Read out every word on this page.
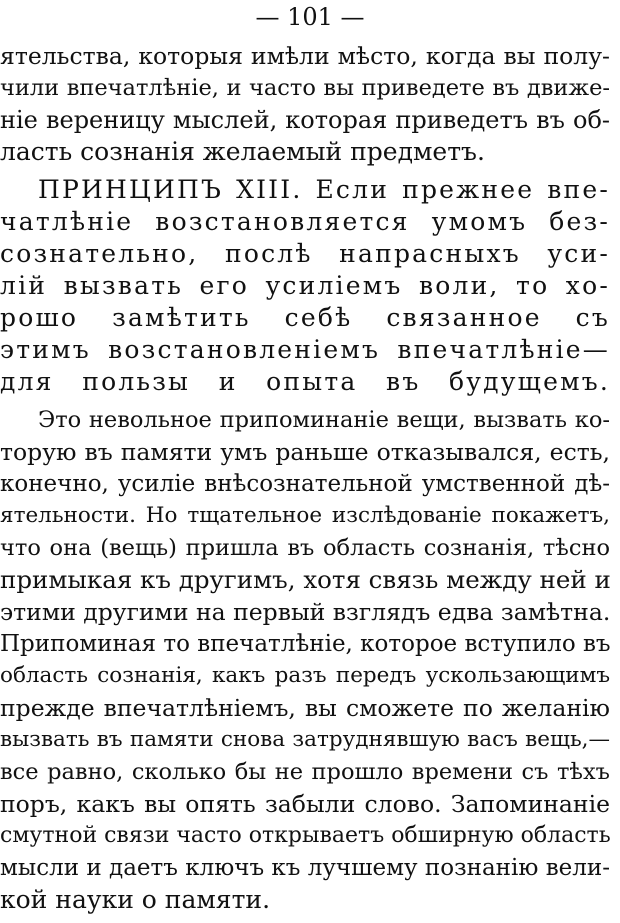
— 101 —
ятельства, которыя имѣли мѣсто, когда вы полу-
чили впечатлѣніе, и часто вы приведете въ движе-
ніе вереницу мыслей, которая приведетъ въ об-
ласть сознанія желаемый предметъ.
ПРИНЦИПЪ XIII. Если прежнее впе-
чатлѣніе возстановляется умомъ без-
сознательно, послѣ напрасныхъ уси-
лій вызвать его усиліемъ воли, то хо-
рошо замѣтить себѣ связанное съ
этимъ возстановленіемъ впечатлѣніе—
для пользы и опыта въ будущемъ.
Это невольное припоминаніе вещи, вызвать ко-
торую въ памяти умъ раньше отказывался, есть,
конечно, усиліе внѣсознательной умственной дѣ-
ятельности. Но тщательное изслѣдованіе покажетъ,
что она (вещь) пришла въ область сознанія, тѣсно
примыкая къ другимъ, хотя связь между ней и
этими другими на первый взглядъ едва замѣтна.
Припоминая то впечатлѣніе, которое вступило въ
область сознанія, какъ разъ передъ ускользающимъ
прежде впечатлѣніемъ, вы сможете по желанію
вызвать въ памяти снова затруднявшую васъ вещь,—
все равно, сколько бы не прошло времени съ тѣхъ
поръ, какъ вы опять забыли слово. Запоминаніе
смутной связи часто открываетъ обширную область
мысли и даетъ ключъ къ лучшему познанію вели-
кой науки о памяти.
